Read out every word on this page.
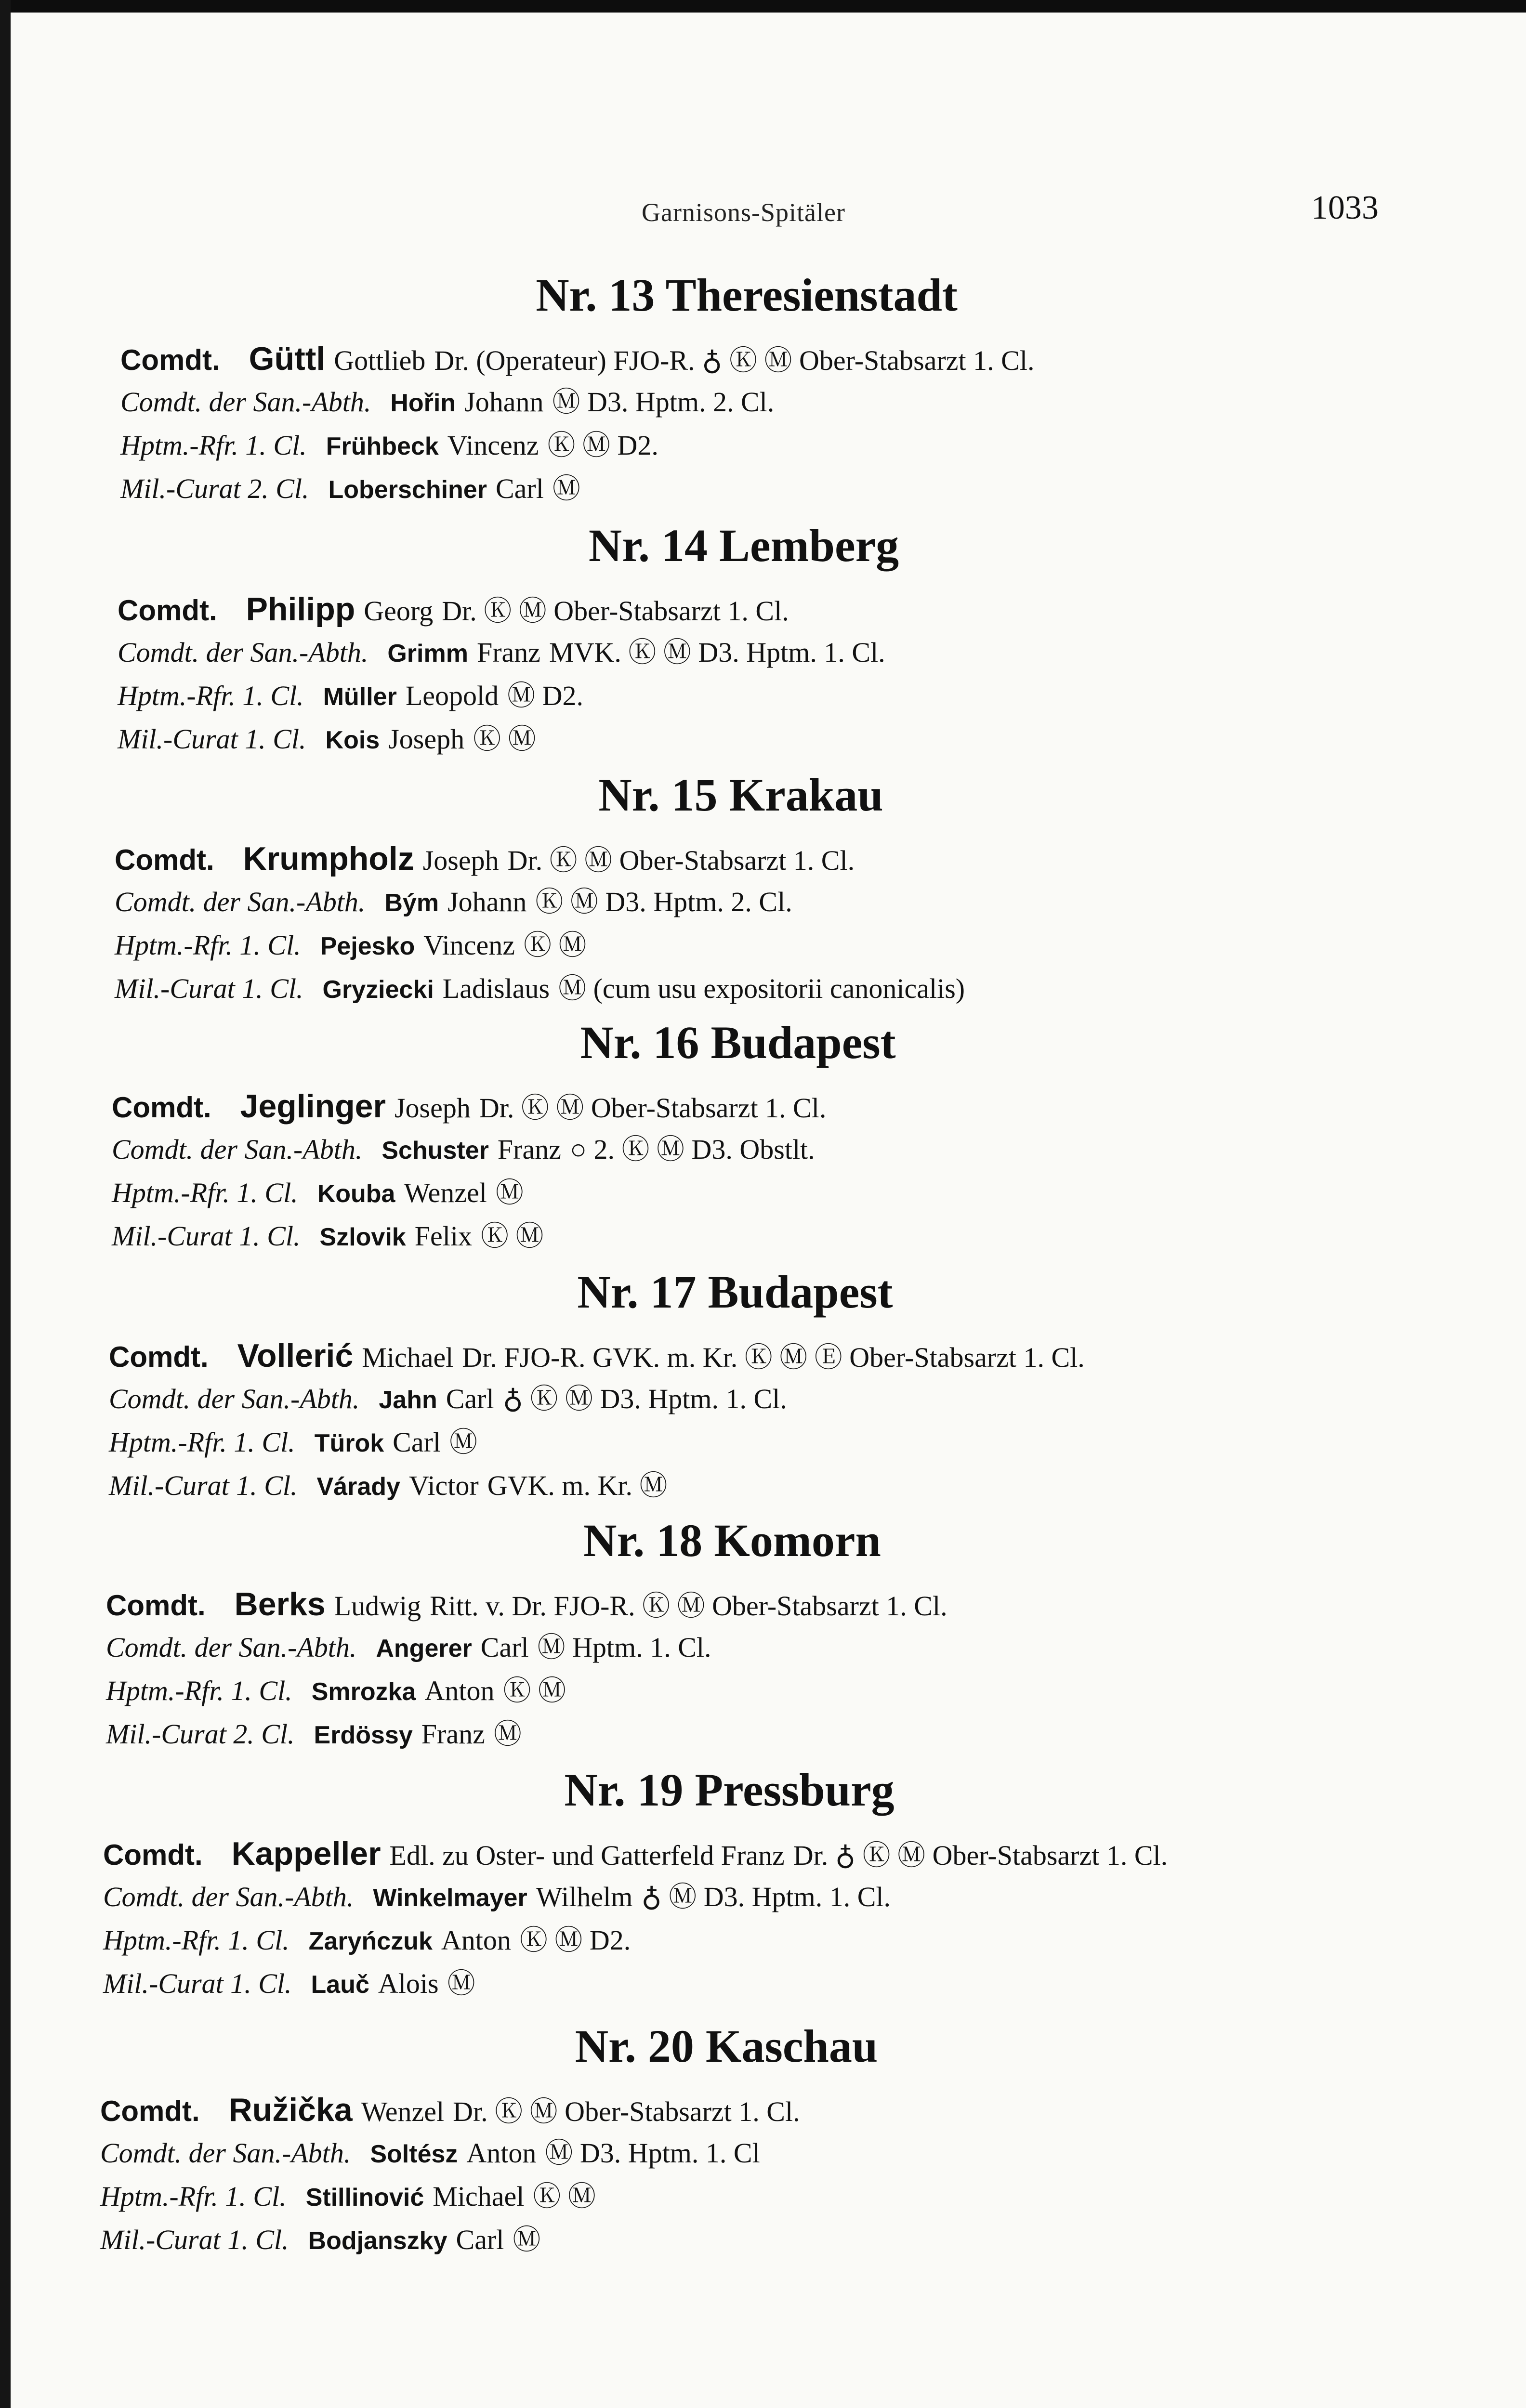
Garnisons-Spitäler	1033
Nr. 13 Theresienstadt
Comdt. Güttl Gottlieb Dr. (Operateur) FJO-R. ♁ Ⓚ Ⓜ Ober-Stabsarzt 1. Cl.
Comdt. der San.-Abth. Hořin Johann Ⓜ D3. Hptm. 2. Cl.
Hptm.-Rfr. 1. Cl. Frühbeck Vincenz Ⓚ Ⓜ D2.
Mil.-Curat 2. Cl. Loberschiner Carl Ⓜ
Nr. 14 Lemberg
Comdt. Philipp Georg Dr. Ⓚ Ⓜ Ober-Stabsarzt 1. Cl.
Comdt. der San.-Abth. Grimm Franz MVK. Ⓚ Ⓜ D3. Hptm. 1. Cl.
Hptm.-Rfr. 1. Cl. Müller Leopold Ⓜ D2.
Mil.-Curat 1. Cl. Kois Joseph Ⓚ Ⓜ
Nr. 15 Krakau
Comdt. Krumpholz Joseph Dr. Ⓚ Ⓜ Ober-Stabsarzt 1. Cl.
Comdt. der San.-Abth. Bým Johann Ⓚ Ⓜ D3. Hptm. 2. Cl.
Hptm.-Rfr. 1. Cl. Pejesko Vincenz Ⓚ Ⓜ
Mil.-Curat 1. Cl. Gryziecki Ladislaus Ⓜ (cum usu expositorii canonicalis)
Nr. 16 Budapest
Comdt. Jeglinger Joseph Dr. Ⓚ Ⓜ Ober-Stabsarzt 1. Cl.
Comdt. der San.-Abth. Schuster Franz ○ 2. Ⓚ Ⓜ D3. Obstlt.
Hptm.-Rfr. 1. Cl. Kouba Wenzel Ⓜ
Mil.-Curat 1. Cl. Szlovik Felix Ⓚ Ⓜ
Nr. 17 Budapest
Comdt. Vollerić Michael Dr. FJO-R. GVK. m. Kr. Ⓚ Ⓜ Ⓔ Ober-Stabsarzt 1. Cl.
Comdt. der San.-Abth. Jahn Carl ♁ Ⓚ Ⓜ D3. Hptm. 1. Cl.
Hptm.-Rfr. 1. Cl. Türok Carl Ⓜ
Mil.-Curat 1. Cl. Várady Victor GVK. m. Kr. Ⓜ
Nr. 18 Komorn
Comdt. Berks Ludwig Ritt. v. Dr. FJO-R. Ⓚ Ⓜ Ober-Stabsarzt 1. Cl.
Comdt. der San.-Abth. Angerer Carl Ⓜ Hptm. 1. Cl.
Hptm.-Rfr. 1. Cl. Smrozka Anton Ⓚ Ⓜ
Mil.-Curat 2. Cl. Erdössy Franz Ⓜ
Nr. 19 Pressburg
Comdt. Kappeller Edl. zu Oster- und Gatterfeld Franz Dr. ♁ Ⓚ Ⓜ Ober-Stabsarzt 1. Cl.
Comdt. der San.-Abth. Winkelmayer Wilhelm ♁ Ⓜ D3. Hptm. 1. Cl.
Hptm.-Rfr. 1. Cl. Zaryńczuk Anton Ⓚ Ⓜ D2.
Mil.-Curat 1. Cl. Lauč Alois Ⓜ
Nr. 20 Kaschau
Comdt. Ružička Wenzel Dr. Ⓚ Ⓜ Ober-Stabsarzt 1. Cl.
Comdt. der San.-Abth. Soltész Anton Ⓜ D3. Hptm. 1. Cl
Hptm.-Rfr. 1. Cl. Stillinović Michael Ⓚ Ⓜ
Mil.-Curat 1. Cl. Bodjanszky Carl Ⓜ
